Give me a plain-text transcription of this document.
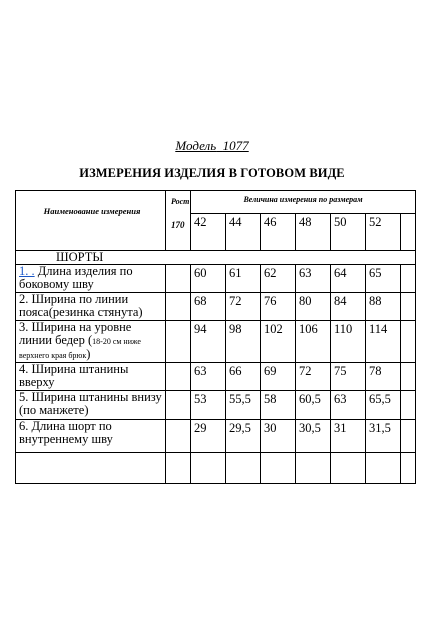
Модель 1077
ИЗМЕРЕНИЯ ИЗДЕЛИЯ В ГОТОВОМ ВИДЕ
Наименование измерения	Рост
170	Величина измерения по размерам						
		42	44	46	48	50	52	
ШОРТЫ								
1. . Длина изделия по боковому шву		60	61	62	63	64	65	
2. Ширина по линии пояса(резинка стянута)		68	72	76	80	84	88	
3. Ширина на уровне линии бедер (18-20 см ниже верхнего края брюк)		94	98	102	106	110	114	
4. Ширина штанины вверху		63	66	69	72	75	78	
5. Ширина штанины внизу (по манжете)		53	55,5	58	60,5	63	65,5	
6. Длина шорт по внутреннему шву		29	29,5	30	30,5	31	31,5	
